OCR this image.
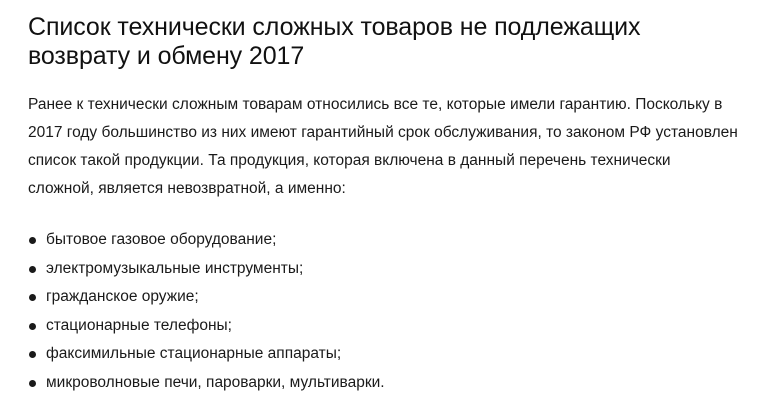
Список технически сложных товаров не подлежащих возврату и обмену 2017

Ранее к технически сложным товарам относились все те, которые имели гарантию. Поскольку в 2017 году большинство из них имеют гарантийный срок обслуживания, то законом РФ установлен список такой продукции. Та продукция, которая включена в данный перечень технически сложной, является невозвратной, а именно:

бытовое газовое оборудование;
электромузыкальные инструменты;
гражданское оружие;
стационарные телефоны;
факсимильные стационарные аппараты;
микроволновые печи, пароварки, мультиварки.
